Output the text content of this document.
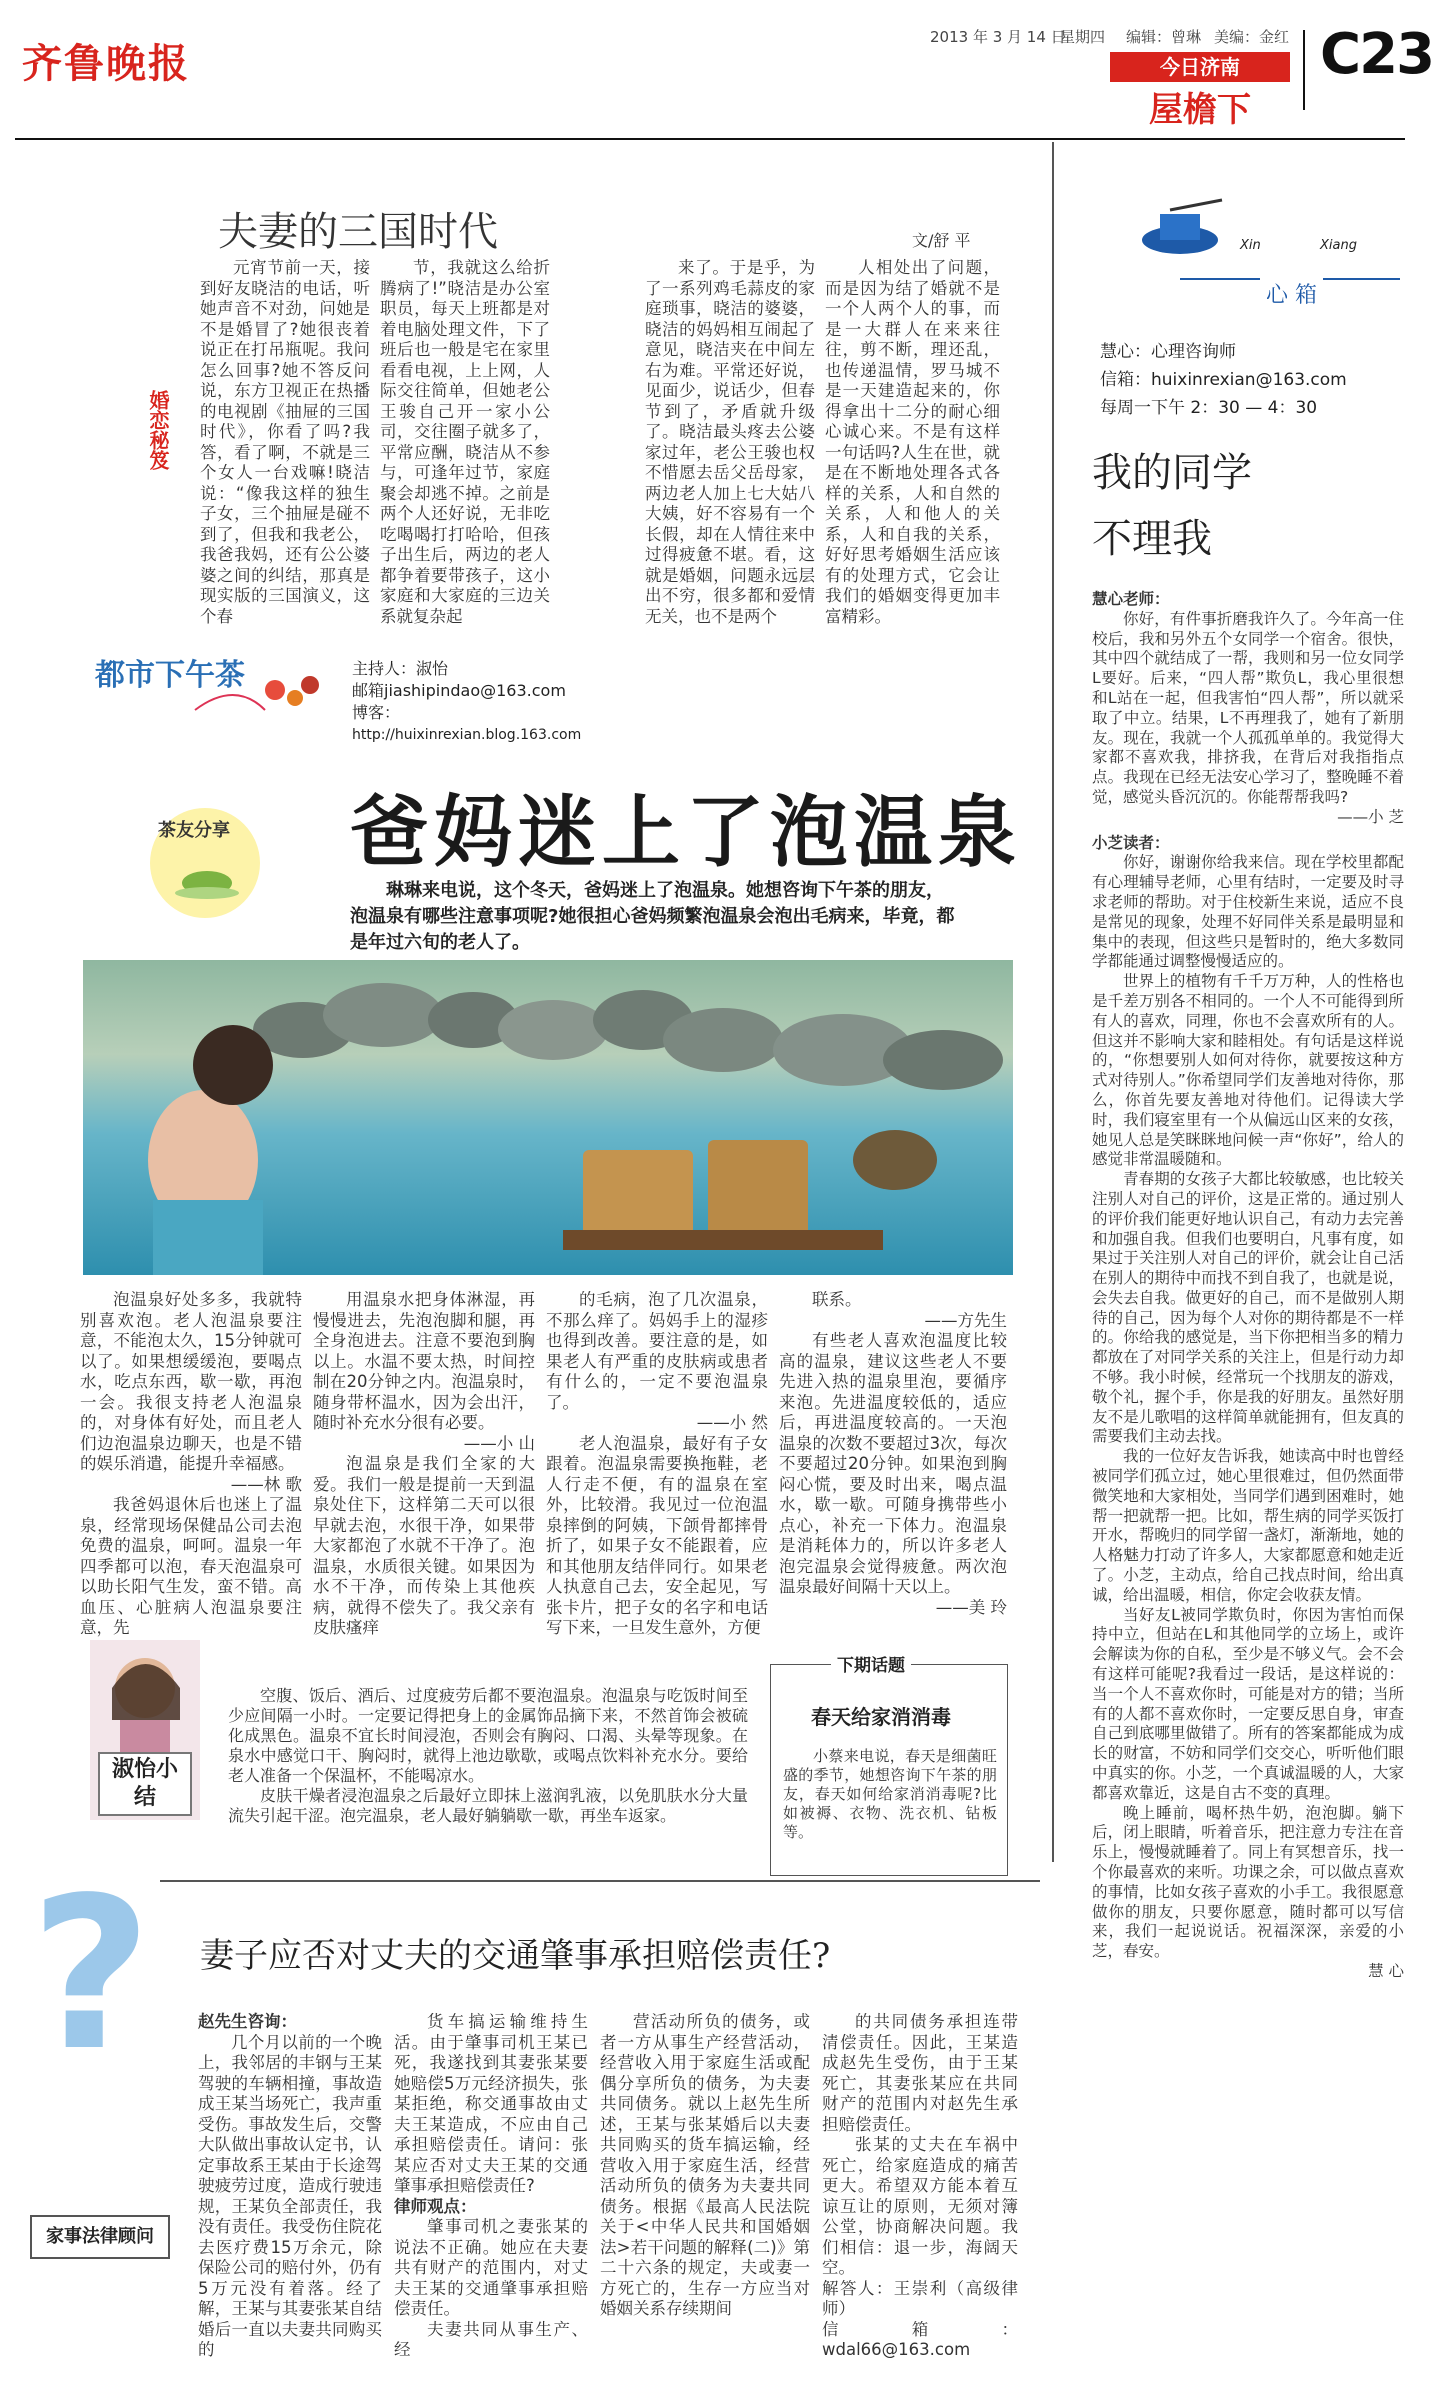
齐鲁晚报
2013 年 3 月 14 日
星期四 编辑：曾琳 美编：金红
今日济南
屋檐下
C23
夫妻的三国时代	文/舒 平
婚恋秘笈

元宵节前一天，接到好友晓洁的电话，听她声音不对劲，问她是不是婚冒了?她很丧着说正在打吊瓶呢。我问怎么回事?她不答反问说，东方卫视正在热播的电视剧《抽屉的三国时代》，你看了吗?我答，看了啊，不就是三个女人一台戏嘛!晓洁说：“像我这样的独生子女，三个抽屉是碰不到了，但我和我老公，我爸我妈，还有公公婆婆之间的纠结，那真是现实版的三国演义，这个春

节，我就这么给折腾病了!”晓洁是办公室职员，每天上班都是对着电脑处理文件，下了班后也一般是宅在家里看看电视，上上网，人际交往简单，但她老公王骏自己开一家小公司，交往圈子就多了，平常应酬，晓洁从不参与，可逢年过节，家庭聚会却逃不掉。之前是两个人还好说，无非吃吃喝喝打打哈哈，但孩子出生后，两边的老人都争着要带孩子，这小家庭和大家庭的三边关系就复杂起

来了。于是乎，为了一系列鸡毛蒜皮的家庭琐事，晓洁的婆婆，晓洁的妈妈相互闹起了意见，晓洁夹在中间左右为难。平常还好说，见面少，说话少，但春节到了，矛盾就升级了。晓洁最头疼去公婆家过年，老公王骏也权不惜愿去岳父岳母家，两边老人加上七大姑八大姨，好不容易有一个长假，却在人情往来中过得疲惫不堪。看，这就是婚姻，问题永远层出不穷，很多都和爱情无关，也不是两个

人相处出了问题，而是因为结了婚就不是一个人两个人的事，而是一大群人在来来往往，剪不断，理还乱，也传递温情，罗马城不是一天建造起来的，你得拿出十二分的耐心细心诚心来。不是有这样一句话吗?人生在世，就是在不断地处理各式各样的关系，人和自然的关系，人和他人的关系，人和自我的关系，好好思考婚姻生活应该有的处理方式，它会让我们的婚姻变得更加丰富精彩。

都市下午茶	主持人：淑怡
邮箱jiashipindao@163.com
博客：
http://huixinrexian.blog.163.com
茶友分享 爸妈迷上了泡温泉
琳琳来电说，这个冬天，爸妈迷上了泡温泉。她想咨询下午茶的朋友，泡温泉有哪些注意事项呢?她很担心爸妈频繁泡温泉会泡出毛病来，毕竟，都是年过六旬的老人了。

泡温泉好处多多，我就特别喜欢泡。老人泡温泉要注意，不能泡太久，15分钟就可以了。如果想缓缓泡，要喝点水，吃点东西，歇一歇，再泡一会。我很支持老人泡温泉的，对身体有好处，而且老人们边泡温泉边聊天，也是不错的娱乐消遣，能提升幸福感。

——林 歌

我爸妈退休后也迷上了温泉，经常现场保健品公司去泡免费的温泉，呵呵。温泉一年四季都可以泡，春天泡温泉可以助长阳气生发，蛮不错。高血压、心脏病人泡温泉要注意，先

用温泉水把身体淋湿，再慢慢进去，先泡泡脚和腿，再全身泡进去。注意不要泡到胸以上。水温不要太热，时间控制在20分钟之内。泡温泉时，随身带杯温水，因为会出汗，随时补充水分很有必要。

——小 山

泡温泉是我们全家的大爱。我们一般是提前一天到温泉处住下，这样第二天可以很早就去泡，水很干净，如果带大家都泡了水就不干净了。泡温泉，水质很关键。如果因为水不干净，而传染上其他疾病，就得不偿失了。我父亲有皮肤瘙痒

的毛病，泡了几次温泉，不那么痒了。妈妈手上的湿疹也得到改善。要注意的是，如果老人有严重的皮肤病或患者有什么的，一定不要泡温泉了。

——小 然

老人泡温泉，最好有子女跟着。泡温泉需要换拖鞋，老人行走不便，有的温泉在室外，比较滑。我见过一位泡温泉摔倒的阿姨，下颌骨都摔骨折了，如果子女不能跟着，应和其他朋友结伴同行。如果老人执意自己去，安全起见，写张卡片，把子女的名字和电话写下来，一旦发生意外，方便

联系。

——方先生

有些老人喜欢泡温度比较高的温泉，建议这些老人不要先进入热的温泉里泡，要循序来泡。先进温度较低的，适应后，再进温度较高的。一天泡温泉的次数不要超过3次，每次不要超过20分钟。如果泡到胸闷心慌，要及时出来，喝点温水，歇一歇。可随身携带些小点心，补充一下体力。泡温泉是消耗体力的，所以许多老人泡完温泉会觉得疲惫。两次泡温泉最好间隔十天以上。

——美 玲
淑怡小结

空腹、饭后、酒后、过度疲劳后都不要泡温泉。泡温泉与吃饭时间至少应间隔一小时。一定要记得把身上的金属饰品摘下来，不然首饰会被硫化成黑色。温泉不宜长时间浸泡，否则会有胸闷、口渴、头晕等现象。在泉水中感觉口干、胸闷时，就得上池边歇歇，或喝点饮料补充水分。要给老人准备一个保温杯，不能喝凉水。

皮肤干燥者浸泡温泉之后最好立即抹上滋润乳液，以免肌肤水分大量流失引起干涩。泡完温泉，老人最好躺躺歇一歇，再坐车返家。

下期话题
春天给家消消毒

小蔡来电说，春天是细菌旺盛的季节，她想咨询下午茶的朋友，春天如何给家消消毒呢?比如被褥、衣物、洗衣机、钻板等。

? 妻子应否对丈夫的交通肇事承担赔偿责任?
家事法律顾问
赵先生咨询：

几个月以前的一个晚上，我邻居的丰钢与王某驾驶的车辆相撞，事故造成王某当场死亡，我声重受伤。事故发生后，交警大队做出事故认定书，认定事故系王某由于长途驾驶疲劳过度，造成行驶违规，王某负全部责任，我没有责任。我受伤住院花去医疗费15万余元，除保险公司的赔付外，仍有5万元没有着落。经了解，王某与其妻张某自结婚后一直以夫妻共同购买的

货车搞运输维持生活。由于肇事司机王某已死，我遂找到其妻张某要她赔偿5万元经济损失，张某拒绝，称交通事故由丈夫王某造成，不应由自己承担赔偿责任。请问：张某应否对丈夫王某的交通肇事承担赔偿责任?

律师观点：

肇事司机之妻张某的说法不正确。她应在夫妻共有财产的范围内，对丈夫王某的交通肇事承担赔偿责任。

夫妻共同从事生产、经

营活动所负的债务，或者一方从事生产经营活动，经营收入用于家庭生活或配偶分享所负的债务，为夫妻共同债务。就以上赵先生所述，王某与张某婚后以夫妻共同购买的货车搞运输，经营收入用于家庭生活，经营活动所负的债务为夫妻共同债务。根据《最高人民法院关于<中华人民共和国婚姻法>若干问题的解释(二)》第二十六条的规定，夫或妻一方死亡的，生存一方应当对婚姻关系存续期间

的共同债务承担连带清偿责任。因此，王某造成赵先生受伤，由于王某死亡，其妻张某应在共同财产的范围内对赵先生承担赔偿责任。

张某的丈夫在车祸中死亡，给家庭造成的痛苦更大。希望双方能本着互谅互让的原则，无须对簿公堂，协商解决问题。我们相信：退一步，海阔天空。

解答人：王崇利（高级律师）
信箱：wdal66@163.com
Xin	Xiang
心 箱
慧心：心理咨询师
信箱：huixinrexian@163.com
每周一下午 2：30 — 4：30
我的同学
不理我
慧心老师：

你好，有件事折磨我许久了。今年高一住校后，我和另外五个女同学一个宿舍。很快，其中四个就结成了一帮，我则和另一位女同学L要好。后来，“四人帮”欺负L，我心里很想和L站在一起，但我害怕“四人帮”，所以就采取了中立。结果，L不再理我了，她有了新朋友。现在，我就一个人孤孤单单的。我觉得大家都不喜欢我，排挤我，在背后对我指指点点。我现在已经无法安心学习了，整晚睡不着觉，感觉头昏沉沉的。你能帮帮我吗?

——小 芝
小芝读者：

你好，谢谢你给我来信。现在学校里都配有心理辅导老师，心里有结时，一定要及时寻求老师的帮助。对于住校新生来说，适应不良是常见的现象，处理不好同伴关系是最明显和集中的表现，但这些只是暂时的，绝大多数同学都能通过调整慢慢适应的。

世界上的植物有千千万万种，人的性格也是千差万别各不相同的。一个人不可能得到所有人的喜欢，同理，你也不会喜欢所有的人。但这并不影响大家和睦相处。有句话是这样说的，“你想要别人如何对待你，就要按这种方式对待别人。”你希望同学们友善地对待你，那么，你首先要友善地对待他们。记得读大学时，我们寝室里有一个从偏远山区来的女孩，她见人总是笑眯眯地问候一声“你好”，给人的感觉非常温暖随和。

青春期的女孩子大都比较敏感，也比较关注别人对自己的评价，这是正常的。通过别人的评价我们能更好地认识自己，有动力去完善和加强自我。但我们也要明白，凡事有度，如果过于关注别人对自己的评价，就会让自己活在别人的期待中而找不到自我了，也就是说，会失去自我。做更好的自己，而不是做别人期待的自己，因为每个人对你的期待都是不一样的。你给我的感觉是，当下你把相当多的精力都放在了对同学关系的关注上，但是行动力却不够。我小时候，经常玩一个找朋友的游戏，敬个礼，握个手，你是我的好朋友。虽然好朋友不是儿歌唱的这样简单就能拥有，但友真的需要我们主动去找。

我的一位好友告诉我，她读高中时也曾经被同学们孤立过，她心里很难过，但仍然面带微笑地和大家相处，当同学们遇到困难时，她帮一把就帮一把。比如，帮生病的同学买饭打开水，帮晚归的同学留一盏灯，渐渐地，她的人格魅力打动了许多人，大家都愿意和她走近了。小芝，主动点，给自己找点时间，给出真诚，给出温暖，相信，你定会收获友情。

当好友L被同学欺负时，你因为害怕而保持中立，但站在L和其他同学的立场上，或许会解读为你的自私，至少是不够义气。会不会有这样可能呢?我看过一段话，是这样说的：当一个人不喜欢你时，可能是对方的错；当所有的人都不喜欢你时，一定要反思自身，审查自己到底哪里做错了。所有的答案都能成为成长的财富，不妨和同学们交交心，听听他们眼中真实的你。小芝，一个真诚温暖的人，大家都喜欢靠近，这是自古不变的真理。

晚上睡前，喝杯热牛奶，泡泡脚。躺下后，闭上眼睛，听着音乐，把注意力专注在音乐上，慢慢就睡着了。同上有冥想音乐，找一个你最喜欢的来听。功课之余，可以做点喜欢的事情，比如女孩子喜欢的小手工。我很愿意做你的朋友，只要你愿意，随时都可以写信来，我们一起说说话。祝福深深，亲爱的小芝，春安。

慧 心
